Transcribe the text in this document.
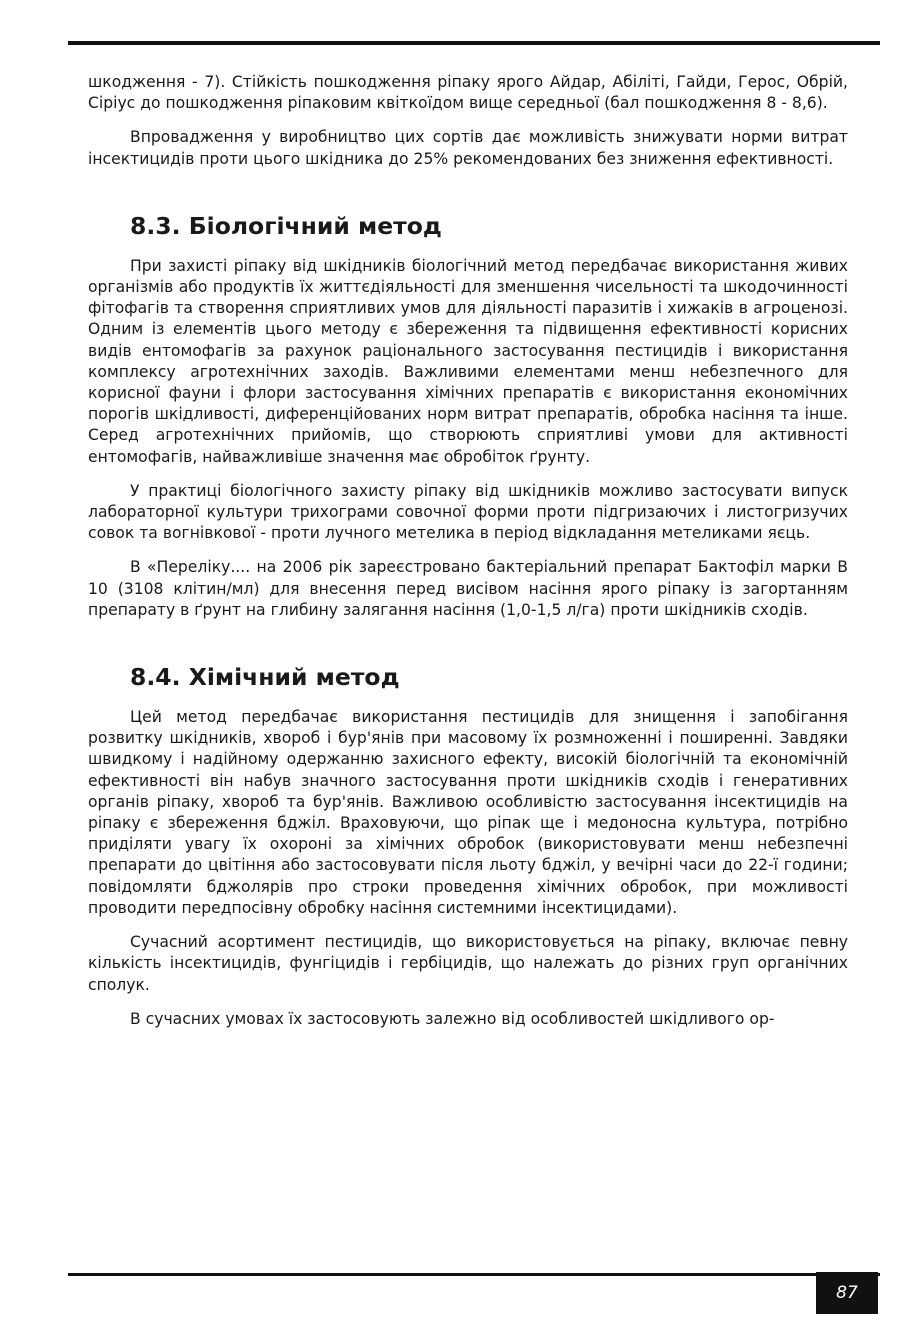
шкодження - 7). Стійкість пошкодження ріпаку ярого Айдар, Абіліті, Гайди, Герос, Обрій, Сіріус до пошкодження ріпаковим квіткоїдом вище середньої (бал пошкодження 8 - 8,6).

Впровадження у виробництво цих сортів дає можливість знижувати норми витрат інсектицидів проти цього шкідника до 25% рекомендованих без зниження ефективності.

8.3. Біологічний метод

При захисті ріпаку від шкідників біологічний метод передбачає використання живих організмів або продуктів їх життєдіяльності для зменшення чисельності та шкодочинності фітофагів та створення сприятливих умов для діяльності паразитів і хижаків в агроценозі. Одним із елементів цього методу є збереження та підвищення ефективності корисних видів ентомофагів за рахунок раціонального застосування пестицидів і використання комплексу агротехнічних заходів. Важливими елементами менш небезпечного для корисної фауни і флори застосування хімічних препаратів є використання економічних порогів шкідливості, диференційованих норм витрат препаратів, обробка насіння та інше. Серед агротехнічних прийомів, що створюють сприятливі умови для активності ентомофагів, найважливіше значення має обробіток ґрунту.

У практиці біологічного захисту ріпаку від шкідників можливо застосувати випуск лабораторної культури трихограми совочної форми проти підгризаючих і листогризучих совок та вогнівкової - проти лучного метелика в період відкладання метеликами яєць.

В «Переліку.... на 2006 рік зареєстровано бактеріальний препарат Бактофіл марки В 10 (3108 клітин/мл) для внесення перед висівом насіння ярого ріпаку із загортанням препарату в ґрунт на глибину залягання насіння (1,0-1,5 л/га) проти шкідників сходів.

8.4. Хімічний метод

Цей метод передбачає використання пестицидів для знищення і запобігання розвитку шкідників, хвороб і бур'янів при масовому їх розмноженні і поширенні. Завдяки швидкому і надійному одержанню захисного ефекту, високій біологічній та економічній ефективності він набув значного застосування проти шкідників сходів і генеративних органів ріпаку, хвороб та бур'янів. Важливою особливістю застосування інсектицидів на ріпаку є збереження бджіл. Враховуючи, що ріпак ще і медоносна культура, потрібно приділяти увагу їх охороні за хімічних обробок (використовувати менш небезпечні препарати до цвітіння або застосовувати після льоту бджіл, у вечірні часи до 22-ї години; повідомляти бджолярів про строки проведення хімічних обробок, при можливості проводити передпосівну обробку насіння системними інсектицидами).

Сучасний асортимент пестицидів, що використовується на ріпаку, включає певну кількість інсектицидів, фунгіцидів і гербіцидів, що належать до різних груп органічних сполук.

В сучасних умовах їх застосовують залежно від особливостей шкідливого ор-

87
